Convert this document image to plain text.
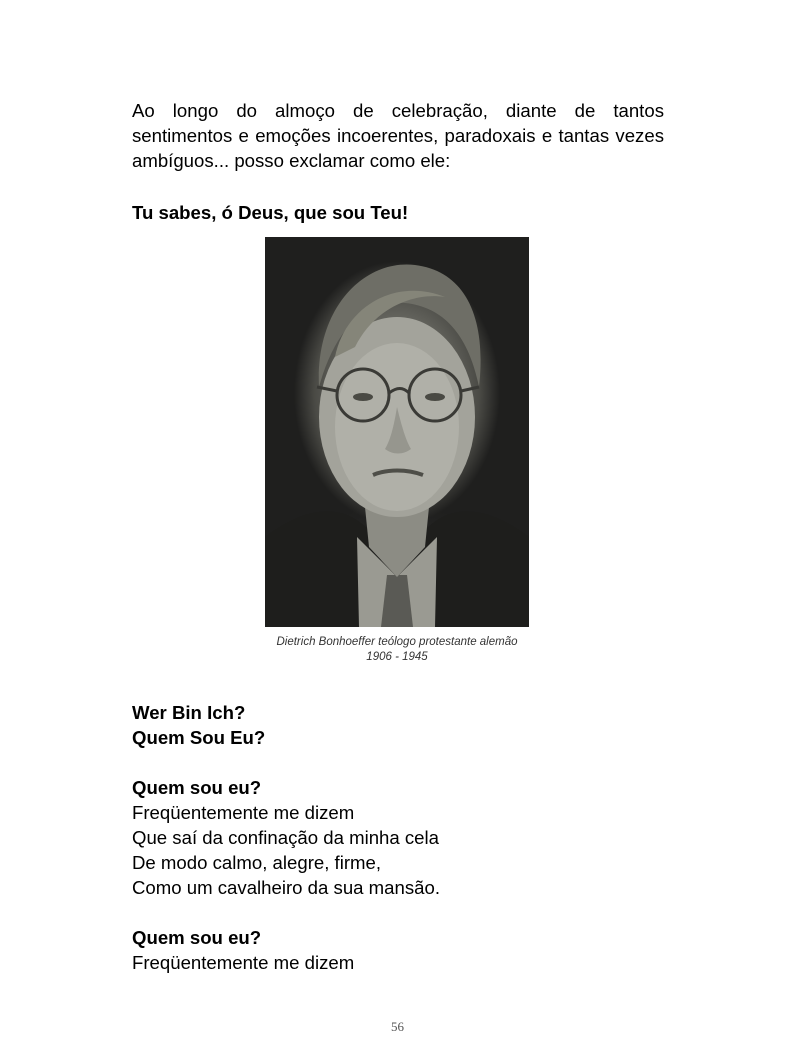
Ao longo do almoço de celebração, diante de tantos sentimentos e emoções incoerentes, paradoxais e tantas vezes ambíguos... posso exclamar como ele:

Tu sabes, ó Deus, que sou Teu!

Dietrich Bonhoeffer teólogo protestante alemão

1906 - 1945

Wer Bin Ich?

Quem Sou Eu?

Quem sou eu?

Freqüentemente me dizem

Que saí da confinação da minha cela

De modo calmo, alegre, firme,

Como um cavalheiro da sua mansão.

Quem sou eu?

Freqüentemente me dizem

56
